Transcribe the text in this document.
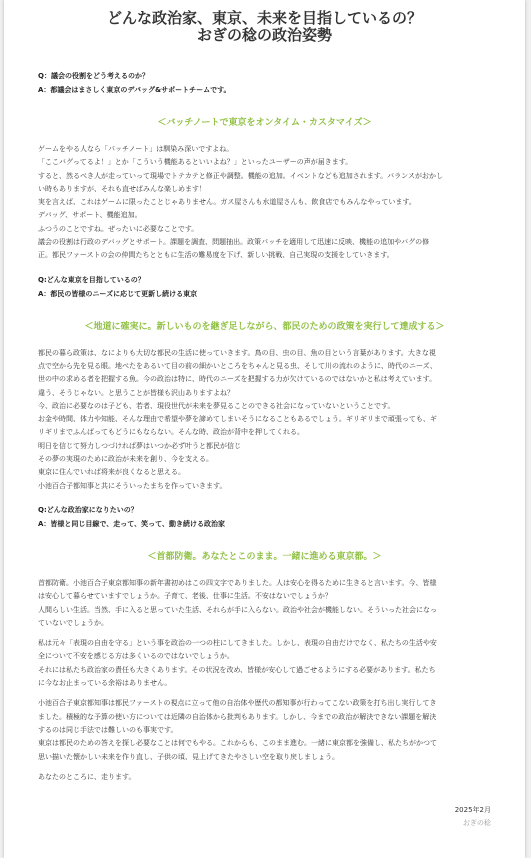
どんな政治家、東京、未来を目指しているの？
おぎの稔の政治姿勢
Q：議会の役割をどう考えるのか？
A：都議会はまさしく東京のデバッグ&サポートチームです。
＜バッチノートで東京をオンタイム・カスタマイズ＞

ゲームをやる人なら「パッチノート」は馴染み深いですよね。

「ここバグってるよ！」とか「こういう機能あるといいよね？」といったユーザーの声が届きます。

すると、然るべき人が走っていって現場でトテカテと修正や調整。機能の追加。イベントなども追加されます。バランスがおかし

い時もありますが、それも直せばみんな楽しめます！

実を言えば、これはゲームに限ったことじゃありません。ガス屋さんも水道屋さんも、飲食店でもみんなやっています。

デバッグ、サポート、機能追加。

ふつうのことですね。ぜったいに必要なことです。

議会の役割は行政のデバッグとサポート。課題を調査、問題抽出。政策パッチを適用して迅速に反映、機能の追加やバグの修

正。都民ファーストの会の仲間たちとともに生活の難易度を下げ、新しい挑戦、自己実現の支援をしていきます。

Q:どんな東京を目指しているの？
A：都民の皆様のニーズに応じて更新し続ける東京
＜地道に確実に。新しいものを継ぎ足しながら、都民のための政策を実行して達成する＞

都民の暮ら政策は、なによりも大切な都民の生活に使っていきます。鳥の目、虫の目、魚の目という言葉があります。大きな視

点で空から先を見る眼。地べたをあるいて目の前の細かいところをちゃんと見る虫、そして川の流れのように、時代のニーズ、

世の中の求める者を把握する魚。今の政治は特に、時代のニーズを把握する力が欠けているのではないかと私は考えています。

違う、そうじゃない。と思うことが皆様も沢山ありますよね？

今、政治に必要なのは子ども、若者、現役世代が未来を夢見ることのできる社会になっていないということです。

お金や時間、体力や知能、そんな理由で希望や夢を諦めてしまいそうになることもあるでしょう。ギリギリまで頑張っても、ギ

リギリまでふんばってもどうにもならない。そんな時、政治が背中を押してくれる。

明日を信じて努力しつづければ夢はいつか必ず叶うと都民が信じ

その夢の実現のために政治が未来を創り、今を支える。

東京に住んでいれば将来が良くなると思える。

小池百合子都知事と共にそういったまちを作っていきます。

Q:どんな政治家になりたいの？
A：皆様と同じ目線で、走って、笑って、動き続ける政治家
＜首都防衛。あなたとこのまま。一緒に進める東京都。＞

首都防衛。小池百合子東京都知事の新年書初めはこの四文字でありました。人は安心を得るために生きると言います。今、皆様

は安心して暮らせていますでしょうか。子育て、老後、仕事に生活。不安はないでしょうか？

人間らしい生活。当然、手に入ると思っていた生活、それらが手に入らない。政治や社会が機能しない。そういった社会になっ

ていないでしょうか。

私は元々「表現の自由を守る」という事を政治の一つの柱にしてきました。しかし、表現の自由だけでなく、私たちの生活や安

全について不安を感じる方は多くいるのではないでしょうか。

それには私たち政治家の責任も大きくあります。その状況を改め、皆様が安心して過ごせるようにする必要があります。私たち

に今なお止まっている余裕はありません。

小池百合子東京都知事は都民ファーストの視点に立って他の自治体や歴代の都知事が行わってこない政策を打ち出し実行してき

ました。積極的な予算の使い方については近隣の自治体から批判もあります。しかし、今までの政治が解決できない課題を解決

するのは同じ手法では難しいのも事実です。

東京は都民のための答えを探し必要なことは何でもやる。これからも、このまま進む。一緒に東京都を強備し、私たちがかつて

思い描いた懐かしい未来を作り直し、子供の頃、見上げてきたやさしい空を取り戻しましょう。

あなたのところに、走ります。

2025年2月
おぎの稔
